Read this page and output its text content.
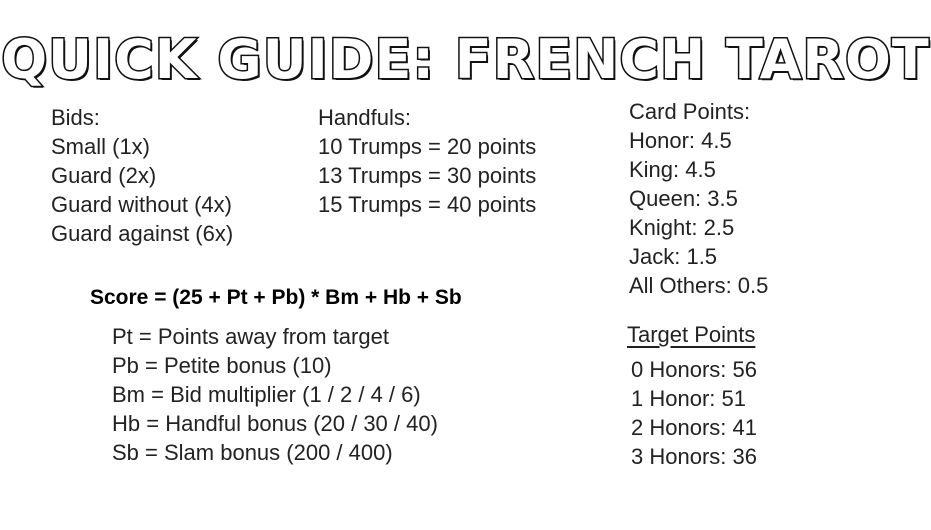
QUICK GUIDE: FRENCH TAROT
Bids:
Small (1x)
Guard (2x)
Guard without (4x)
Guard against (6x)
Handfuls:
10 Trumps = 20 points
13 Trumps = 30 points
15 Trumps = 40 points
Card Points:
Honor: 4.5
King: 4.5
Queen: 3.5
Knight: 2.5
Jack: 1.5
All Others: 0.5
Score = (25 + Pt + Pb) * Bm + Hb + Sb
Pt = Points away from target
Pb = Petite bonus (10)
Bm = Bid multiplier (1 / 2 / 4 / 6)
Hb = Handful bonus (20 / 30 / 40)
Sb = Slam bonus (200 / 400)
Target Points
0 Honors: 56
1 Honor: 51
2 Honors: 41
3 Honors: 36
